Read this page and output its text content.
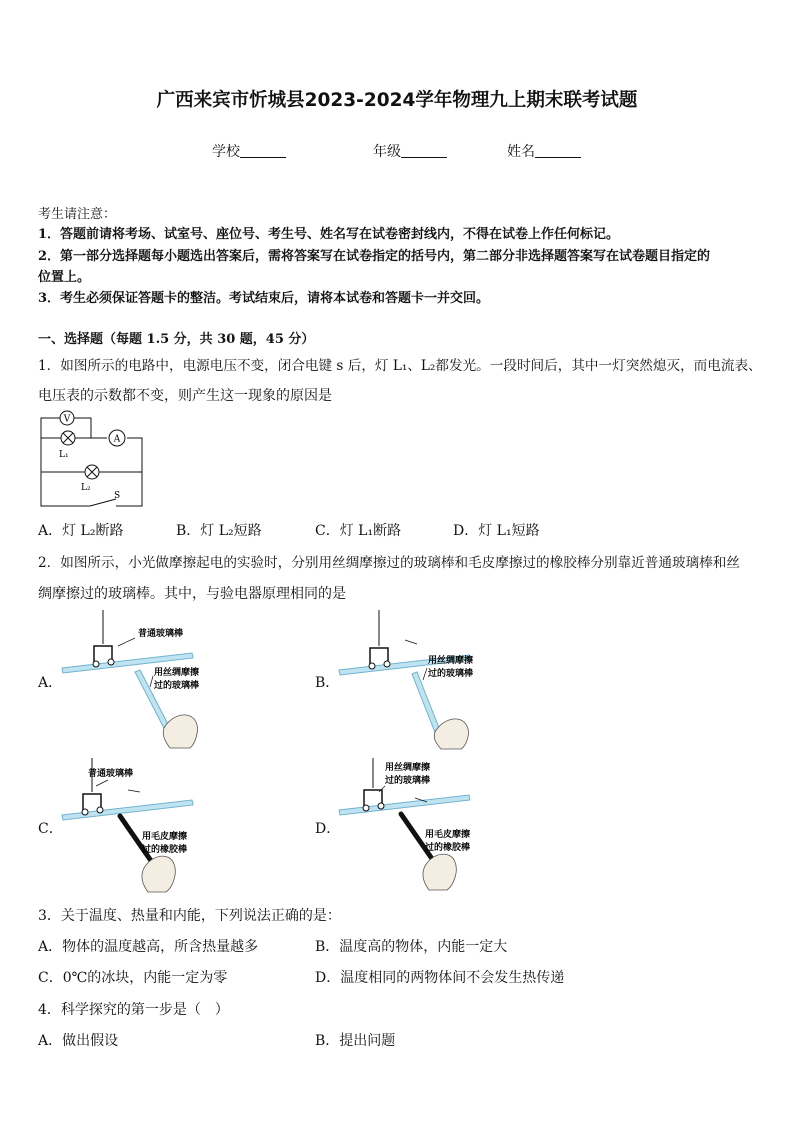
广西来宾市忻城县2023-2024学年物理九上期末联考试题
学校	年级	姓名
考生请注意：
1．答题前请将考场、试室号、座位号、考生号、姓名写在试卷密封线内，不得在试卷上作任何标记。
2．第一部分选择题每小题选出答案后，需将答案写在试卷指定的括号内，第二部分非选择题答案写在试卷题目指定的
位置上。
3．考生必须保证答题卡的整洁。考试结束后，请将本试卷和答题卡一并交回。
一、选择题（每题 1.5 分，共 30 题，45 分）
1．如图所示的电路中，电源电压不变，闭合电键 s 后，灯 L₁、L₂都发光。一段时间后，其中一灯突然熄灭，而电流表、
电压表的示数都不变，则产生这一现象的原因是
V
L₁
A
L₂
S
A．灯 L₂断路	B．灯 L₂短路	C．灯 L₁断路	D．灯 L₁短路
2．如图所示，小光做摩擦起电的实验时，分别用丝绸摩擦过的玻璃棒和毛皮摩擦过的橡胶棒分别靠近普通玻璃棒和丝
绸摩擦过的玻璃棒。其中，与验电器原理相同的是
A．
普通玻璃棒
用丝绸摩擦
过的玻璃棒	B．
用丝绸摩擦
过的玻璃棒
C．
普通玻璃棒
用毛皮摩擦
过的橡胶棒
D．
用丝绸摩擦
过的玻璃棒
用毛皮摩擦
过的橡胶棒
3．关于温度、热量和内能，下列说法正确的是：
A．物体的温度越高，所含热量越多	B．温度高的物体，内能一定大
C．0℃的冰块，内能一定为零	D．温度相同的两物体间不会发生热传递
4．科学探究的第一步是（　）
A．做出假设	B．提出问题
